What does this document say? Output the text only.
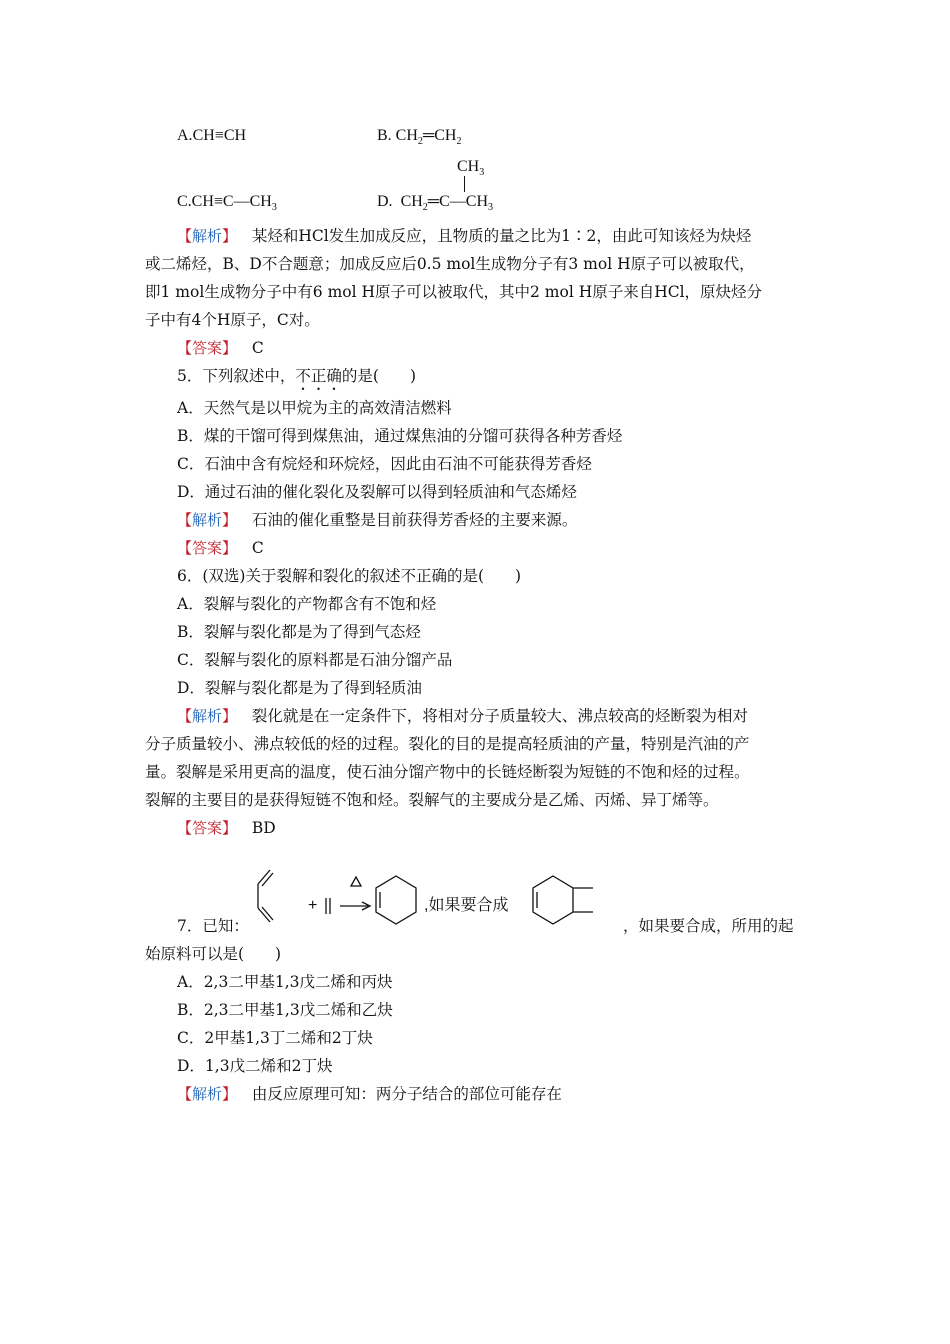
A.CH≡CH	B. $CH_2═CH_2$
$C.CH\equiv C—CH_3$
$CH_3$
D. $CH_2═C—CH_3$
【解析】 某烃和HCl发生加成反应，且物质的量之比为1∶2，由此可知该烃为炔烃
或二烯烃，B、D不合题意；加成反应后0.5 mol生成物分子有3 mol H原子可以被取代，
即1 mol生成物分子中有6 mol H原子可以被取代，其中2 mol H原子来自HCl，原炔烃分
子中有4个H原子，C对。
【答案】 C
5．下列叙述中，不正确的是(　　)
A．天然气是以甲烷为主的高效清洁燃料
B．煤的干馏可得到煤焦油，通过煤焦油的分馏可获得各种芳香烃
C．石油中含有烷烃和环烷烃，因此由石油不可能获得芳香烃
D．通过石油的催化裂化及裂解可以得到轻质油和气态烯烃
【解析】 石油的催化重整是目前获得芳香烃的主要来源。
【答案】 C
6．(双选)关于裂解和裂化的叙述不正确的是(　　)
A．裂解与裂化的产物都含有不饱和烃
B．裂解与裂化都是为了得到气态烃
C．裂解与裂化的原料都是石油分馏产品
D．裂解与裂化都是为了得到轻质油
【解析】 裂化就是在一定条件下，将相对分子质量较大、沸点较高的烃断裂为相对
分子质量较小、沸点较低的烃的过程。裂化的目的是提高轻质油的产量，特别是汽油的产
量。裂解是采用更高的温度，使石油分馏产物中的长链烃断裂为短链的不饱和烃的过程。
裂解的主要目的是获得短链不饱和烃。裂解气的主要成分是乙烯、丙烯、异丁烯等。
【答案】 BD
+	,如果要合成
7．已知：	，如果要合成，所用的起
始原料可以是(　　)
A．2,3二甲基1,3戊二烯和丙炔
B．2,3二甲基1,3戊二烯和乙炔
C．2甲基1,3丁二烯和2丁炔
D．1,3戊二烯和2丁炔
【解析】 由反应原理可知：两分子结合的部位可能存在
